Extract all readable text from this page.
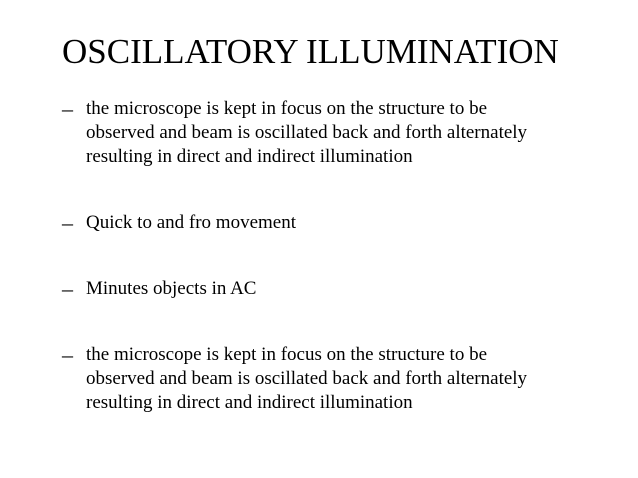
OSCILLATORY ILLUMINATION
– the microscope is kept in focus on the structure to be
observed and beam is oscillated back and forth alternately
resulting in direct and indirect illumination
– Quick to and fro movement
– Minutes objects in AC
– the microscope is kept in focus on the structure to be
observed and beam is oscillated back and forth alternately
resulting in direct and indirect illumination
